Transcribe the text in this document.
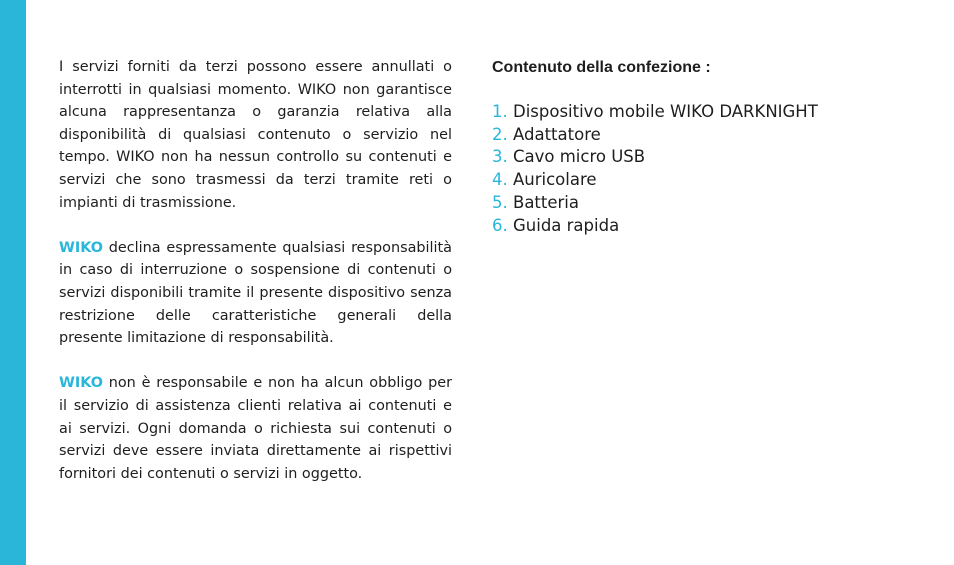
I servizi forniti da terzi possono essere annullati o interrotti in qualsiasi momento. WIKO non garantisce alcuna rappresentanza o garanzia relativa alla disponibilità di qualsiasi contenuto o servizio nel tempo. WIKO non ha nessun controllo su contenuti e servizi che sono trasmessi da terzi tramite reti o impianti di trasmissione.

WIKO declina espressamente qualsiasi responsabilità in caso di interruzione o sospensione di contenuti o servizi disponibili tramite il presente dispositivo senza restrizione delle caratteristiche generali della presente limitazione di responsabilità.

WIKO non è responsabile e non ha alcun obbligo per il servizio di assistenza clienti relativa ai contenuti e ai servizi. Ogni domanda o richiesta sui contenuti o servizi deve essere inviata direttamente ai rispettivi fornitori dei contenuti o servizi in oggetto.

Contenuto della confezione :
1. Dispositivo mobile WIKO DARKNIGHT
2. Adattatore
3. Cavo micro USB
4. Auricolare
5. Batteria
6. Guida rapida
